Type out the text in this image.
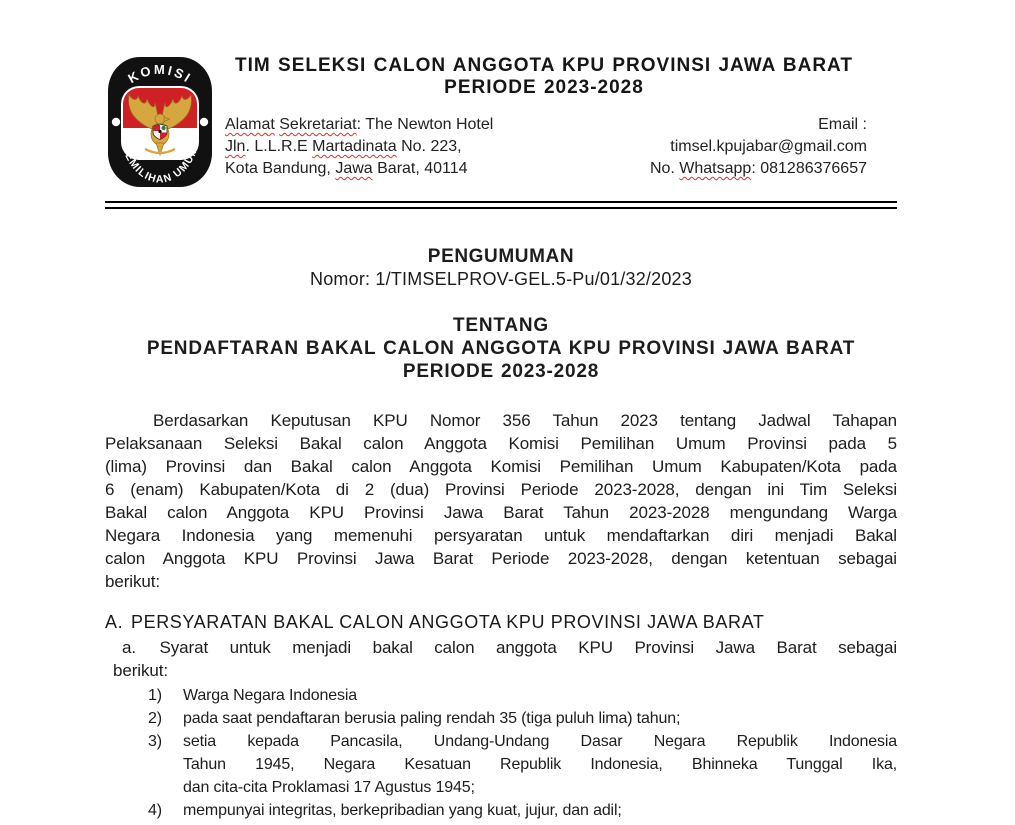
KOMISI
PEMILIHAN UMUM
TIM SELEKSI CALON ANGGOTA KPU PROVINSI JAWA BARAT
PERIODE 2023-2028
Alamat Sekretariat: The Newton Hotel
Jln. L.L.R.E Martadinata No. 223,
Kota Bandung, Jawa Barat, 40114
Email :
timsel.kpujabar@gmail.com
No. Whatsapp: 081286376657
PENGUMUMAN
Nomor: 1/TIMSELPROV-GEL.5-Pu/01/32/2023
TENTANG
PENDAFTARAN BAKAL CALON ANGGOTA KPU PROVINSI JAWA BARAT
PERIODE 2023-2028
Berdasarkan Keputusan KPU Nomor 356 Tahun 2023 tentang Jadwal Tahapan
Pelaksanaan Seleksi Bakal calon Anggota Komisi Pemilihan Umum Provinsi pada 5
(lima) Provinsi dan Bakal calon Anggota Komisi Pemilihan Umum Kabupaten/Kota pada
6 (enam) Kabupaten/Kota di 2 (dua) Provinsi Periode 2023-2028, dengan ini Tim Seleksi
Bakal calon Anggota KPU Provinsi Jawa Barat Tahun 2023-2028 mengundang Warga
Negara Indonesia yang memenuhi persyaratan untuk mendaftarkan diri menjadi Bakal
calon Anggota KPU Provinsi Jawa Barat Periode 2023-2028, dengan ketentuan sebagai
berikut:
A. PERSYARATAN BAKAL CALON ANGGOTA KPU PROVINSI JAWA BARAT
a. Syarat untuk menjadi bakal calon anggota KPU Provinsi Jawa Barat sebagai
berikut:
1) Warga Negara Indonesia
2) pada saat pendaftaran berusia paling rendah 35 (tiga puluh lima) tahun;
3) setia kepada Pancasila, Undang-Undang Dasar Negara Republik Indonesia
Tahun 1945, Negara Kesatuan Republik Indonesia, Bhinneka Tunggal Ika,
dan cita-cita Proklamasi 17 Agustus 1945;
4) mempunyai integritas, berkepribadian yang kuat, jujur, dan adil;
